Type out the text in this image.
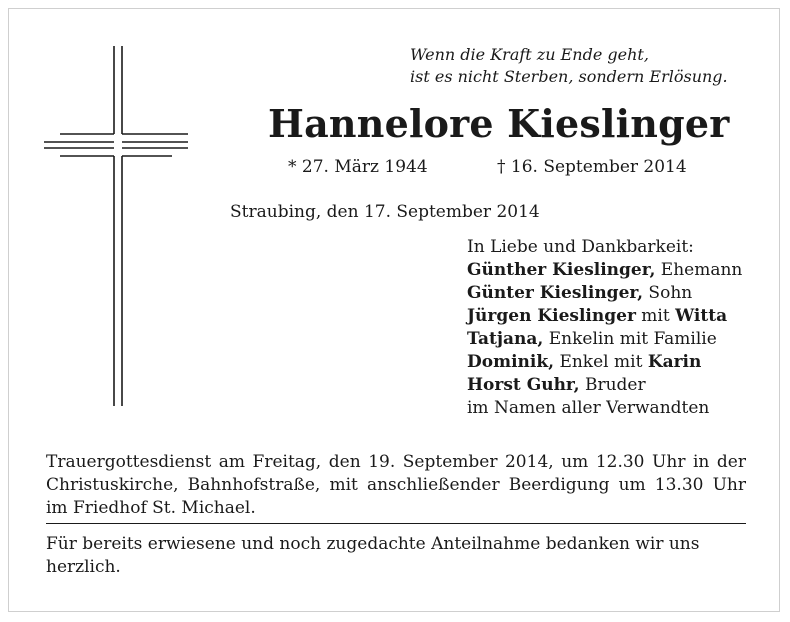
Wenn die Kraft zu Ende geht,
ist es nicht Sterben, sondern Erlösung.
Hannelore Kieslinger
* 27. März 1944	† 16. September 2014
Straubing, den 17. September 2014
In Liebe und Dankbarkeit:
Günther Kieslinger, Ehemann
Günter Kieslinger, Sohn
Jürgen Kieslinger mit Witta
Tatjana, Enkelin mit Familie
Dominik, Enkel mit Karin
Horst Guhr, Bruder
im Namen aller Verwandten
Trauergottesdienst am Freitag, den 19. September 2014, um 12.30 Uhr in der Christuskirche, Bahnhofstraße, mit anschließender Beerdigung um 13.30 Uhr im Friedhof St. Michael.
Für bereits erwiesene und noch zugedachte Anteilnahme bedanken wir uns herzlich.
